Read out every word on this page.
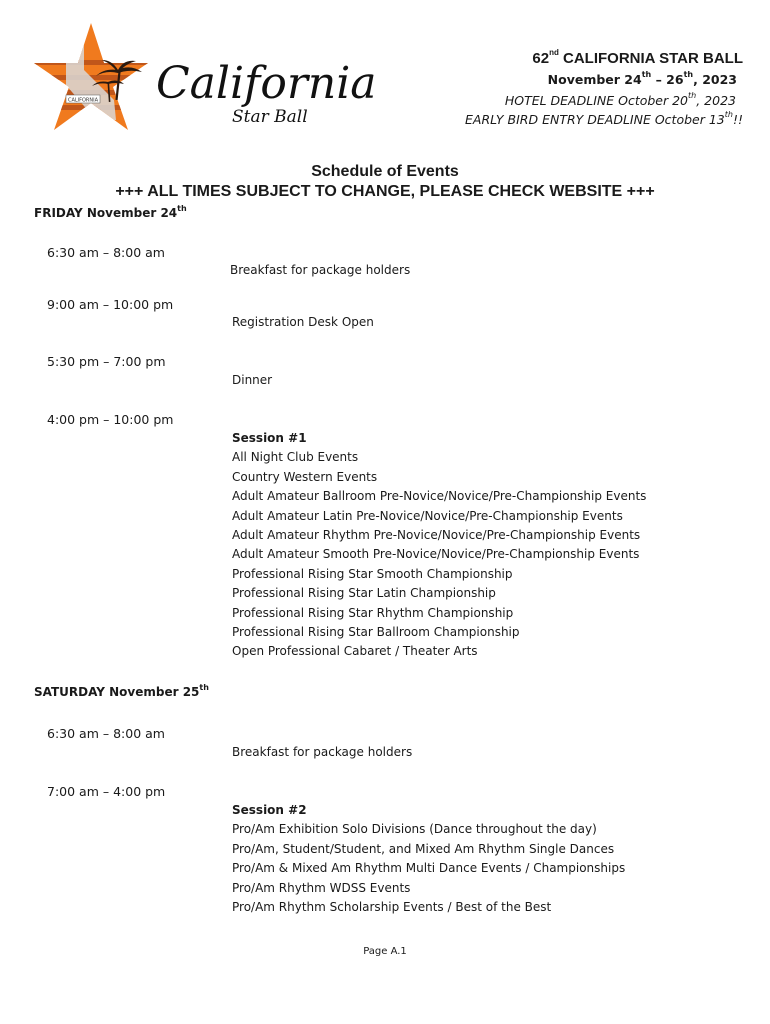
CALIFORNIA California
Star Ball
62nd CALIFORNIA STAR BALL
November 24th – 26th, 2023
HOTEL DEADLINE October 20th, 2023
EARLY BIRD ENTRY DEADLINE October 13th!!
Schedule of Events
+++ ALL TIMES SUBJECT TO CHANGE, PLEASE CHECK WEBSITE +++
FRIDAY November 24th
6:30 am – 8:00 am
Breakfast for package holders
9:00 am – 10:00 pm
Registration Desk Open
5:30 pm – 7:00 pm
Dinner
4:00 pm – 10:00 pm
Session #1
All Night Club Events
Country Western Events
Adult Amateur Ballroom Pre-Novice/Novice/Pre-Championship Events
Adult Amateur Latin Pre-Novice/Novice/Pre-Championship Events
Adult Amateur Rhythm Pre-Novice/Novice/Pre-Championship Events
Adult Amateur Smooth Pre-Novice/Novice/Pre-Championship Events
Professional Rising Star Smooth Championship
Professional Rising Star Latin Championship
Professional Rising Star Rhythm Championship
Professional Rising Star Ballroom Championship
Open Professional Cabaret / Theater Arts
SATURDAY November 25th
6:30 am – 8:00 am
Breakfast for package holders
7:00 am – 4:00 pm
Session #2
Pro/Am Exhibition Solo Divisions (Dance throughout the day)
Pro/Am, Student/Student, and Mixed Am Rhythm Single Dances
Pro/Am & Mixed Am Rhythm Multi Dance Events / Championships
Pro/Am Rhythm WDSS Events
Pro/Am Rhythm Scholarship Events / Best of the Best
Page A.1
